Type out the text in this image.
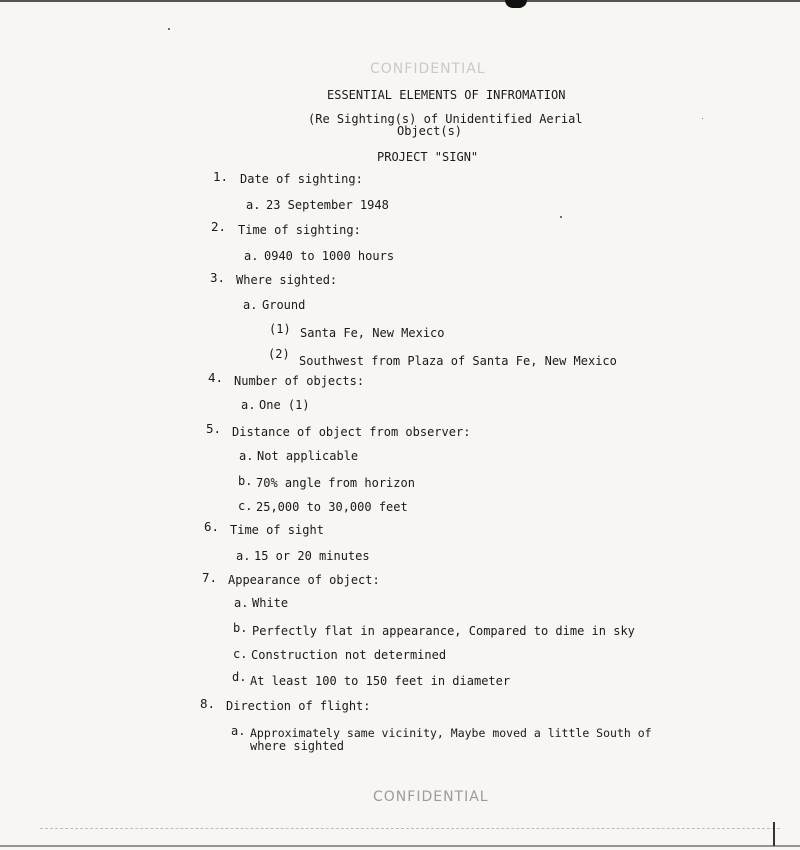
CONFIDENTIAL
ESSENTIAL ELEMENTS OF INFROMATION
(Re Sighting(s) of Unidentified Aerial
Object(s)
PROJECT "SIGN"
1. Date of sighting:
a. 23 September 1948
2. Time of sighting:
a. 0940 to 1000 hours
3. Where sighted:
a. Ground
(1) Santa Fe, New Mexico
(2) Southwest from Plaza of Santa Fe, New Mexico
4. Number of objects:
a. One (1)
5. Distance of object from observer:
a. Not applicable
b. 70% angle from horizon
c. 25,000 to 30,000 feet
6. Time of sight
a. 15 or 20 minutes
7. Appearance of object:
a. White
b. Perfectly flat in appearance, Compared to dime in sky
c. Construction not determined
d. At least 100 to 150 feet in diameter
8. Direction of flight:
a. Approximately same vicinity, Maybe moved a little South of
where sighted
CONFIDENTIAL
